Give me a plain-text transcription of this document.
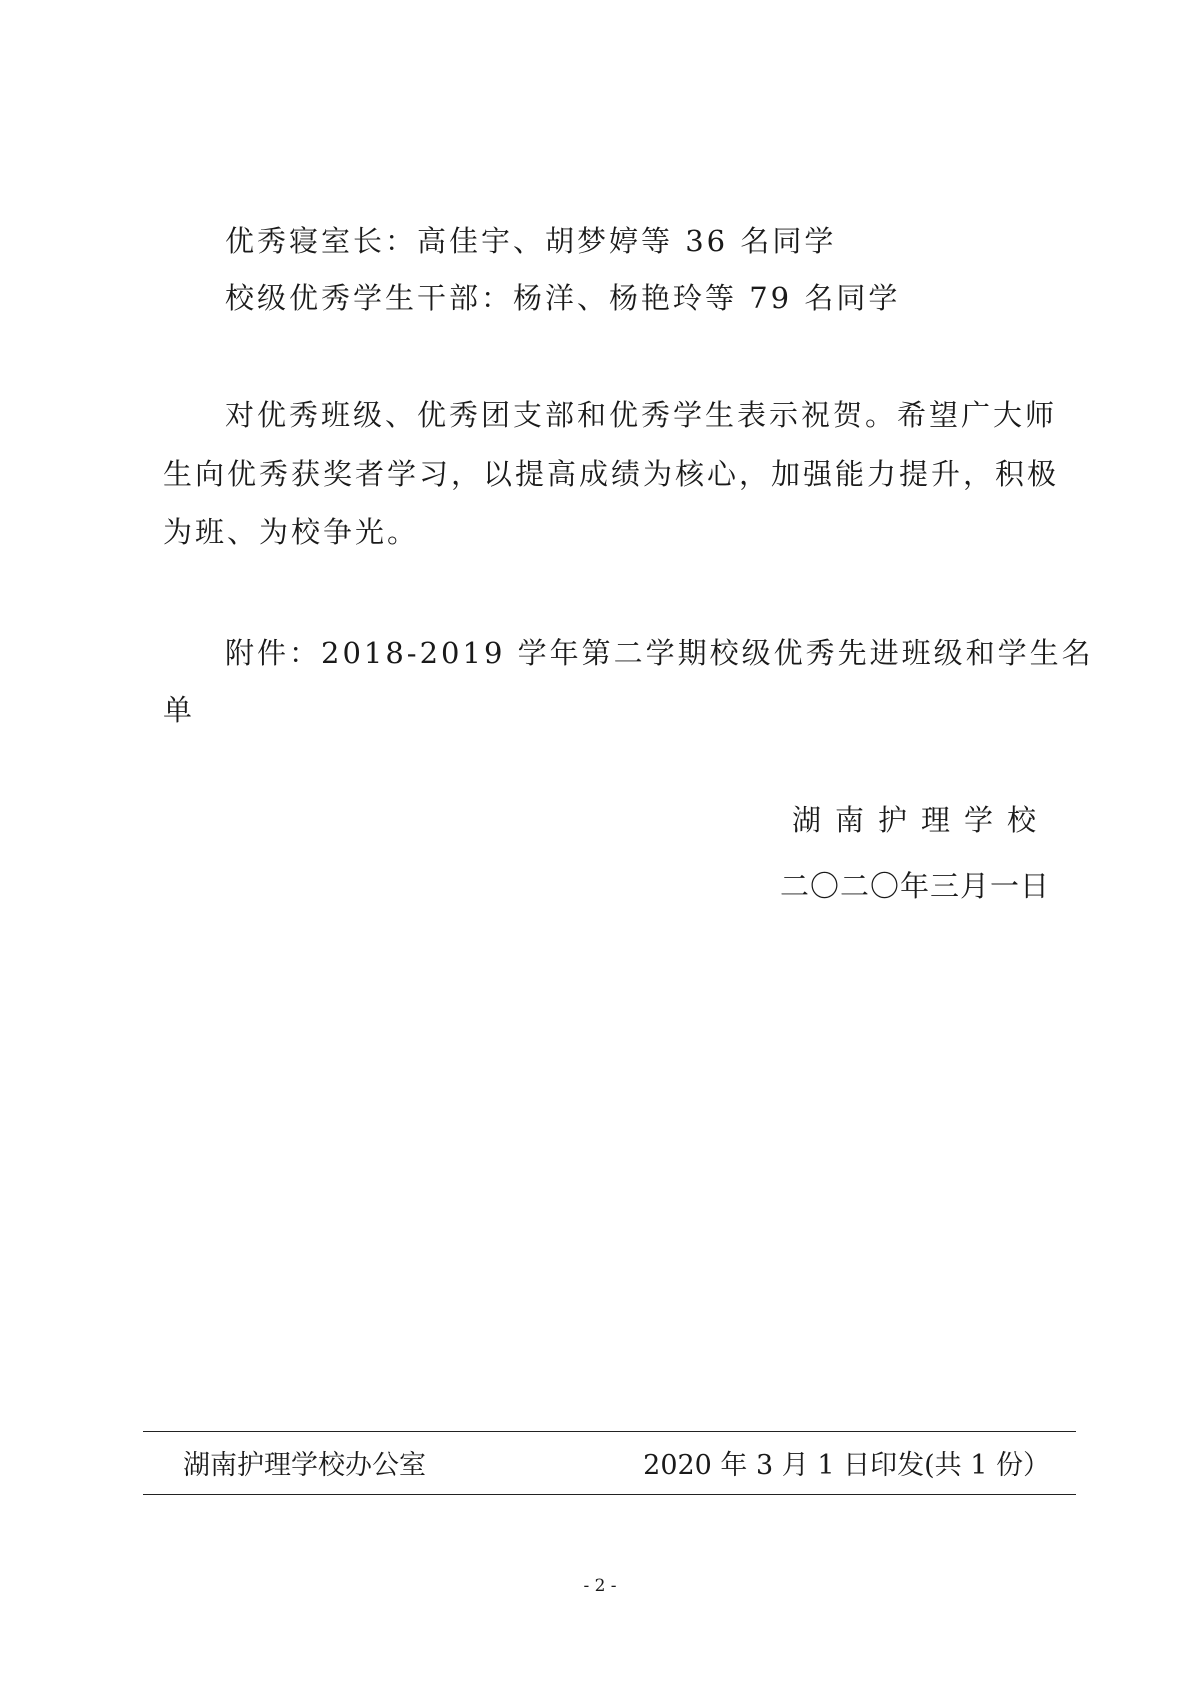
优秀寝室长：高佳宇、胡梦婷等 36 名同学
校级优秀学生干部：杨洋、杨艳玲等 79 名同学
对优秀班级、优秀团支部和优秀学生表示祝贺。希望广大师
生向优秀获奖者学习，以提高成绩为核心，加强能力提升，积极
为班、为校争光。
附件：2018-2019 学年第二学期校级优秀先进班级和学生名
单
湖南护理学校
二〇二〇年三月一日
湖南护理学校办公室	2020 年 3 月 1 日印发(共 1 份）
- 2 -
